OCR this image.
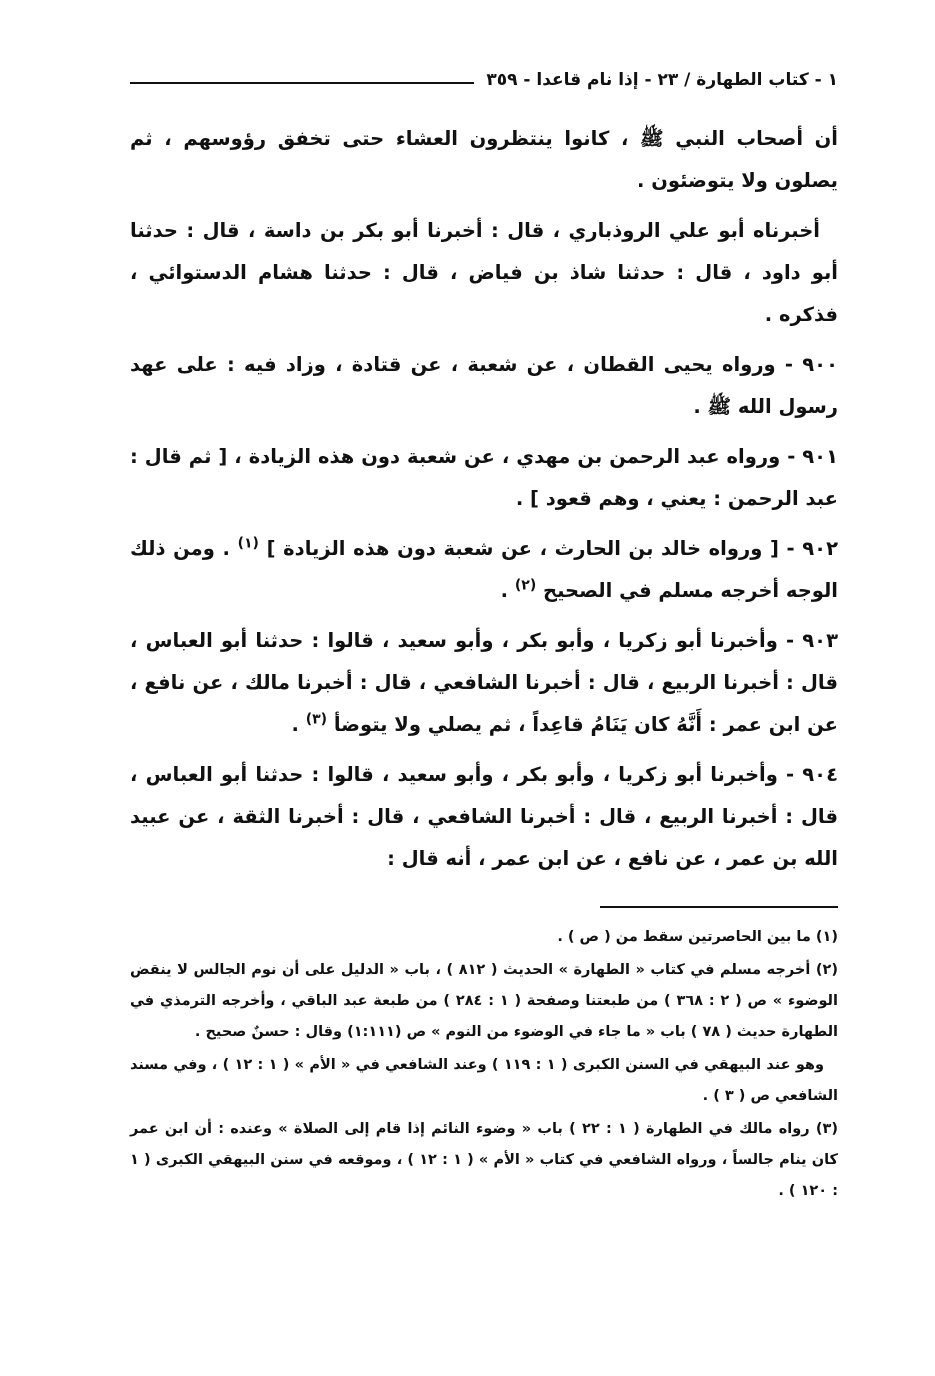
١ - كتاب الطهارة / ٢٣ - إذا نام قاعدا - ٣٥٩

أن أصحاب النبي ﷺ ، كانوا ينتظرون العشاء حتى تخفق رؤوسهم ، ثم يصلون ولا يتوضئون .

أخبرناه أبو علي الروذباري ، قال : أخبرنا أبو بكر بن داسة ، قال : حدثنا أبو داود ، قال : حدثنا شاذ بن فياض ، قال : حدثنا هشام الدستوائي ، فذكره .

٩٠٠ - ورواه يحيى القطان ، عن شعبة ، عن قتادة ، وزاد فيه : على عهد رسول الله ﷺ .

٩٠١ - ورواه عبد الرحمن بن مهدي ، عن شعبة دون هذه الزيادة ، [ ثم قال : عبد الرحمن : يعني ، وهم قعود ] .

٩٠٢ - [ ورواه خالد بن الحارث ، عن شعبة دون هذه الزيادة ] $^{(١)}$ . ومن ذلك الوجه أخرجه مسلم في الصحيح $^{(٢)}$ .

٩٠٣ - وأخبرنا أبو زكريا ، وأبو بكر ، وأبو سعيد ، قالوا : حدثنا أبو العباس ، قال : أخبرنا الربيع ، قال : أخبرنا الشافعي ، قال : أخبرنا مالك ، عن نافع ، عن ابن عمر : أَنَّهُ كان يَنَامُ قاعِداً ، ثم يصلي ولا يتوضأ $^{(٣)}$ .

٩٠٤ - وأخبرنا أبو زكريا ، وأبو بكر ، وأبو سعيد ، قالوا : حدثنا أبو العباس ، قال : أخبرنا الربيع ، قال : أخبرنا الشافعي ، قال : أخبرنا الثقة ، عن عبيد الله بن عمر ، عن نافع ، عن ابن عمر ، أنه قال :

(١) ما بين الحاصرتين سقط من ( ص ) .

(٢) أخرجه مسلم في كتاب « الطهارة » الحديث ( ٨١٢ ) ، باب « الدليل على أن نوم الجالس لا ينقض الوضوء » ص ( ٢ : ٣٦٨ ) من طبعتنا وصفحة ( ١ : ٢٨٤ ) من طبعة عبد الباقي ، وأخرجه الترمذي في الطهارة حديث ( ٧٨ ) باب « ما جاء في الوضوء من النوم » ص (١:١١١) وقال : حسنٌ صحيح .

وهو عند البيهقي في السنن الكبرى ( ١ : ١١٩ ) وعند الشافعي في « الأم » ( ١ : ١٢ ) ، وفي مسند الشافعي ص ( ٣ ) .

(٣) رواه مالك في الطهارة ( ١ : ٢٢ ) باب « وضوء النائم إذا قام إلى الصلاة » وعنده : أن ابن عمر كان ينام جالساً ، ورواه الشافعي في كتاب « الأم » ( ١ : ١٢ ) ، وموقعه في سنن البيهقي الكبرى ( ١ : ١٢٠ ) .
